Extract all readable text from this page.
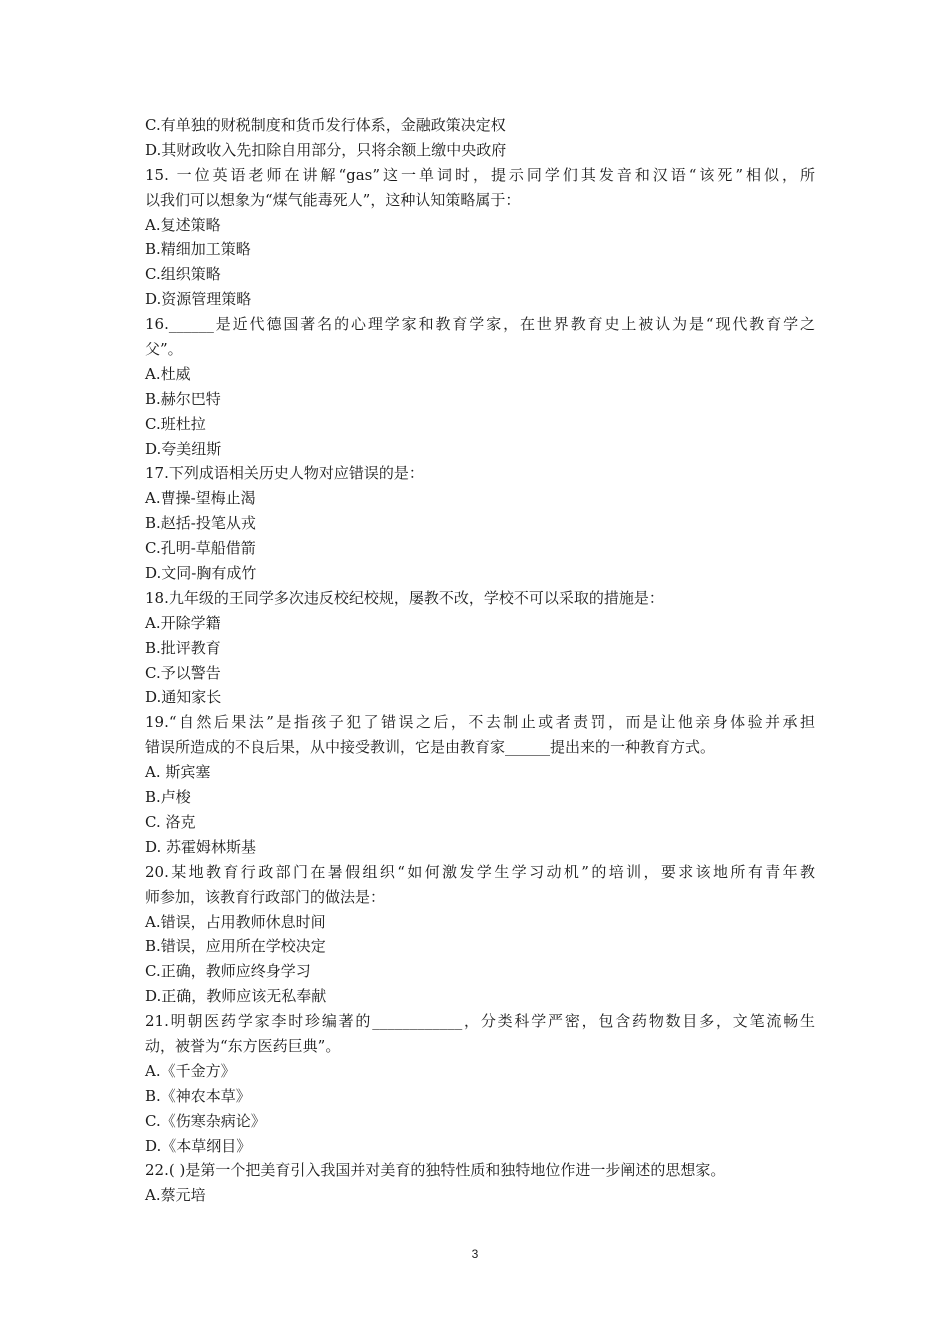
C.有单独的财税制度和货币发行体系，金融政策决定权
D.其财政收入先扣除自用部分，只将余额上缴中央政府
15. 一位英语老师在讲解“gas”这一单词时，提示同学们其发音和汉语“该死”相似，所
以我们可以想象为“煤气能毒死人”，这种认知策略属于：
A.复述策略
B.精细加工策略
C.组织策略
D.资源管理策略
16.______是近代德国著名的心理学家和教育学家，在世界教育史上被认为是“现代教育学之
父”。
A.杜威
B.赫尔巴特
C.班杜拉
D.夸美纽斯
17.下列成语相关历史人物对应错误的是：
A.曹操-望梅止渴
B.赵括-投笔从戎
C.孔明-草船借箭
D.文同-胸有成竹
18.九年级的王同学多次违反校纪校规，屡教不改，学校不可以采取的措施是：
A.开除学籍
B.批评教育
C.予以警告
D.通知家长
19.“自然后果法”是指孩子犯了错误之后，不去制止或者责罚，而是让他亲身体验并承担
错误所造成的不良后果，从中接受教训，它是由教育家______提出来的一种教育方式。
A. 斯宾塞
B.卢梭
C. 洛克
D. 苏霍姆林斯基
20.某地教育行政部门在暑假组织“如何激发学生学习动机”的培训，要求该地所有青年教
师参加，该教育行政部门的做法是：
A.错误，占用教师休息时间
B.错误，应用所在学校决定
C.正确，教师应终身学习
D.正确，教师应该无私奉献
21.明朝医药学家李时珍编著的____________，分类科学严密，包含药物数目多，文笔流畅生
动，被誉为“东方医药巨典”。
A.《千金方》
B.《神农本草》
C.《伤寒杂病论》
D.《本草纲目》
22.( )是第一个把美育引入我国并对美育的独特性质和独特地位作进一步阐述的思想家。
A.蔡元培
3
